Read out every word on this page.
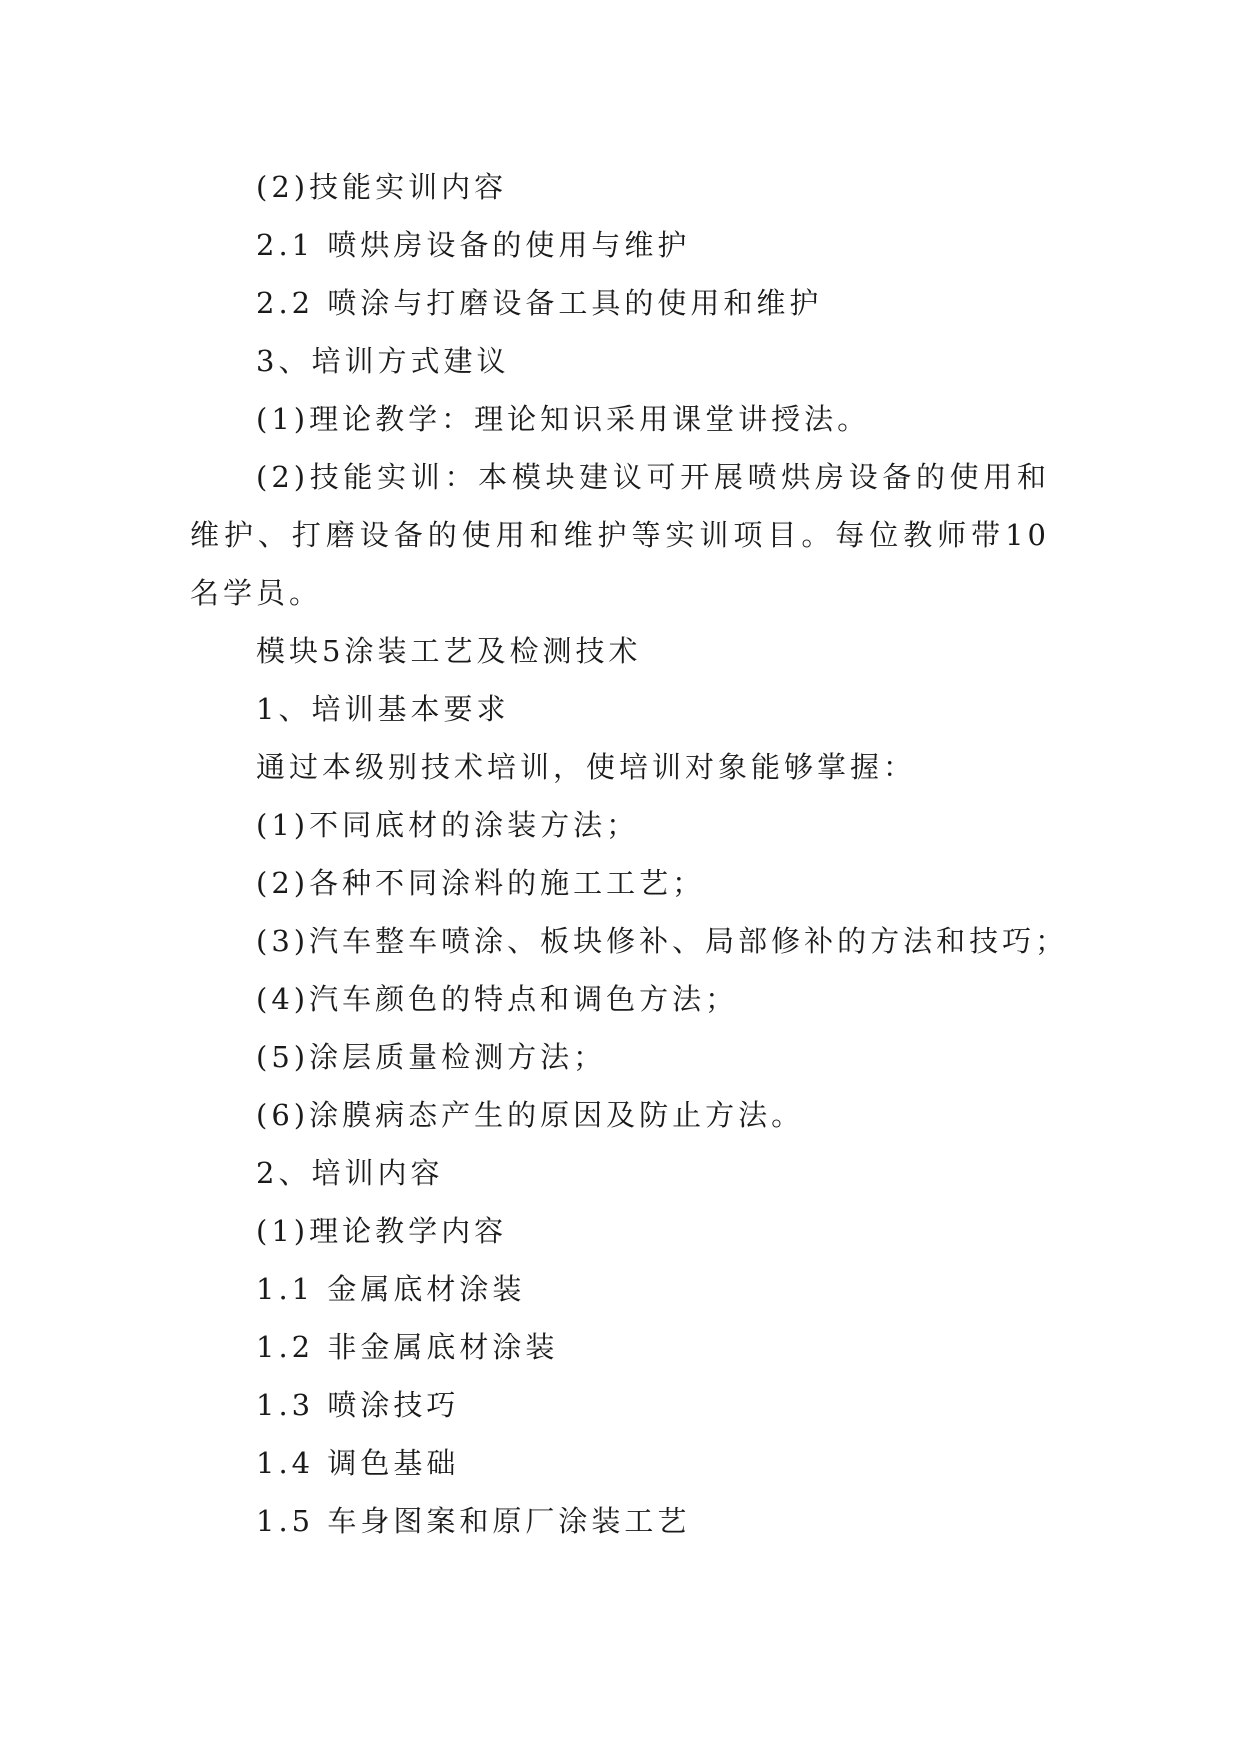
(2)技能实训内容

2.1 喷烘房设备的使用与维护

2.2 喷涂与打磨设备工具的使用和维护

3、培训方式建议

(1)理论教学：理论知识采用课堂讲授法。

(2)技能实训：本模块建议可开展喷烘房设备的使用和维护、打磨设备的使用和维护等实训项目。每位教师带10名学员。

模块5涂装工艺及检测技术

1、培训基本要求

通过本级别技术培训，使培训对象能够掌握：

(1)不同底材的涂装方法；

(2)各种不同涂料的施工工艺；

(3)汽车整车喷涂、板块修补、局部修补的方法和技巧；

(4)汽车颜色的特点和调色方法；

(5)涂层质量检测方法；

(6)涂膜病态产生的原因及防止方法。

2、培训内容

(1)理论教学内容

1.1 金属底材涂装

1.2 非金属底材涂装

1.3 喷涂技巧

1.4 调色基础

1.5 车身图案和原厂涂装工艺
